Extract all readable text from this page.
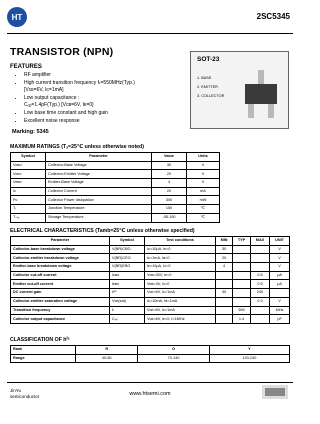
HT	2SC5345
TRANSISTOR (NPN)
FEATURES
• RF amplifier
• High current transition frequency fₜ=550MHz(Typ.)
[Vᴄᴇ=6V, Iᴄ=1mA]
• Low output capacitance :
Cₒᵦ=1.4pF(Typ.) [Vᴄʙ=6V, Iᴇ=0]
• Low base time constant and high gain
• Excellent noise response
Marking: 5345
SOT-23
1. BASE
2. EMITTER
3. COLLECTOR
MAXIMUM RATINGS (Tₐ=25℃ unless otherwise noted)
Symbol	Parameter	Value	Units
Vᴄʙᴏ	Collector-Base Voltage	30	V
Vᴄᴇᴏ	Collector-Emitter Voltage	20	V
Vᴇʙᴏ	Emitter-Base Voltage	4	V
Iᴄ	Collector Current	20	mA
Pᴄ	Collector Power dissipation	300	mW
Tⱼ	Junction Temperature	150	℃
Tₛₜᵧ	Storage Temperature	-55-150	℃
ELECTRICAL CHARACTERISTICS (Tamb=25℃ unless otherwise specified)
Parameter	Symbol	Test conditions	MIN	TYP	MAX	UNIT
Collector-base breakdown voltage	V(BR)CBO	Ic=10μA, Iᴇ=0	30			V
Collector-emitter breakdown voltage	V(BR)CEO	Ic=1mA, Iʙ=0	20			V
Emitter-base breakdown voltage	V(BR)EBO	Iᴇ=10μA, Iᴄ=0	4			V
Collector cut-off current	Iᴄʙᴏ	Vᴄʙ=30V, Iᴇ=0			0.5	μA
Emitter cut-off current	Iᴇʙᴏ	Vᴇʙ=4V, Iᴄ=0			0.5	μA
DC current gain	hᶠᵉ	Vᴄᴇ=6V, Iᴄ=1mA	40		240	
Collector-emitter saturation voltage	Vᴄᴇ(sat)	Ic=10mA, Iʙ=1mA			0.3	V
Transition frequency	fₜ	Vᴄᴇ=6V, Iᴄ=1mA		550		MHz
Collector output capacitance	Cₒᵦ	Vᴄʙ=6V, Iᴇ=0, f=1MHz		1.4		pF
CLASSIFICATION OF hᶠᵉ
Rank	R	O	Y
Range	40-80	70-140	120-240
JinYu
semiconductor	www.htsemi.com
